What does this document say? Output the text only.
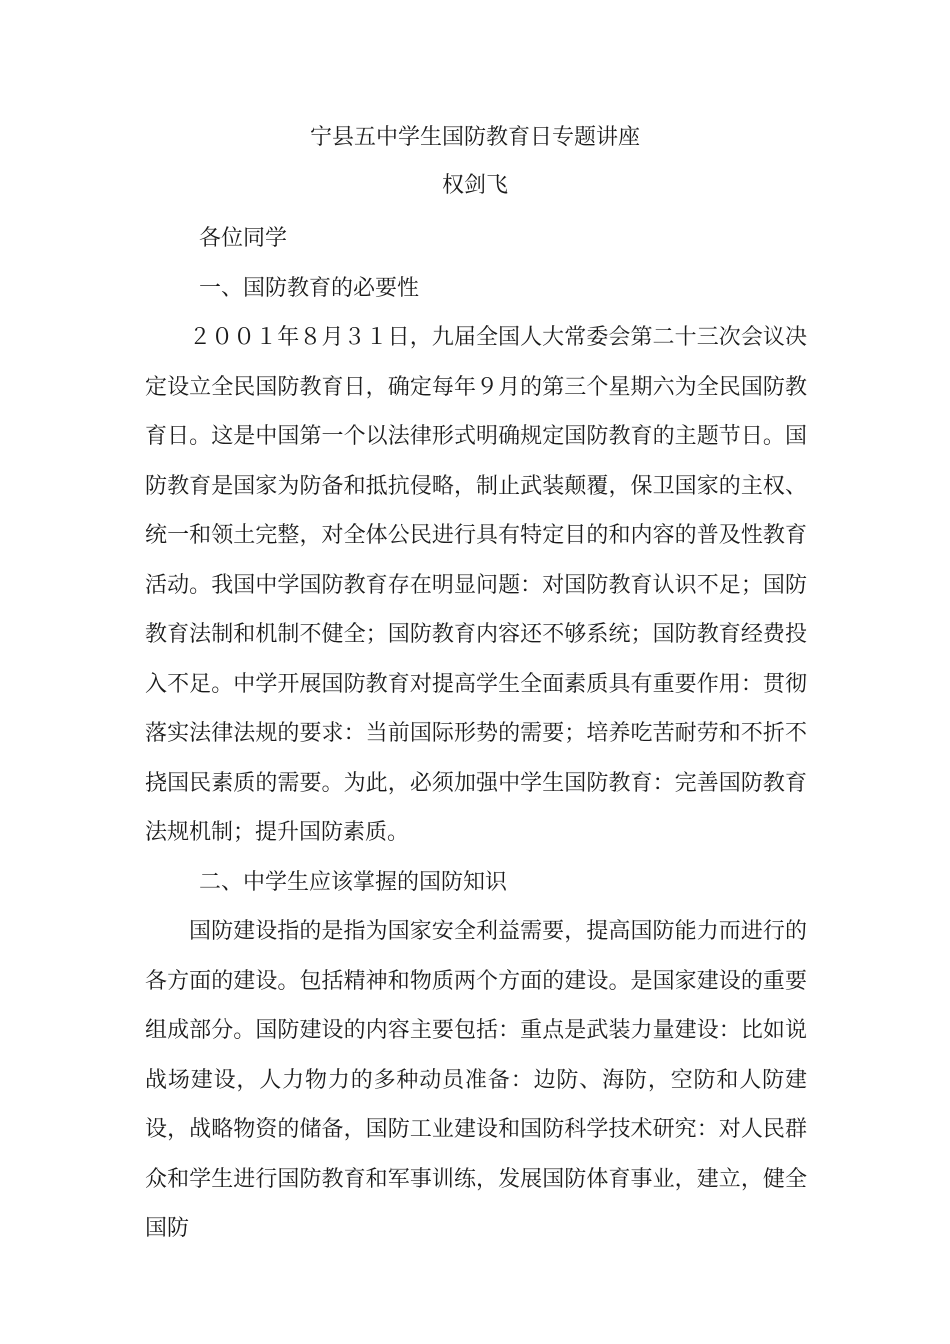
宁县五中学生国防教育日专题讲座
权剑飞

各位同学

一、国防教育的必要性

２００１年８月３１日，九届全国人大常委会第二十三次会议决定设立全民国防教育日，确定每年９月的第三个星期六为全民国防教育日。这是中国第一个以法律形式明确规定国防教育的主题节日。国防教育是国家为防备和抵抗侵略，制止武装颠覆，保卫国家的主权、统一和领土完整，对全体公民进行具有特定目的和内容的普及性教育活动。我国中学国防教育存在明显问题：对国防教育认识不足；国防教育法制和机制不健全；国防教育内容还不够系统；国防教育经费投入不足。中学开展国防教育对提高学生全面素质具有重要作用：贯彻落实法律法规的要求：当前国际形势的需要；培养吃苦耐劳和不折不挠国民素质的需要。为此，必须加强中学生国防教育：完善国防教育法规机制；提升国防素质。

二、中学生应该掌握的国防知识

国防建设指的是指为国家安全利益需要，提高国防能力而进行的各方面的建设。包括精神和物质两个方面的建设。是国家建设的重要组成部分。国防建设的内容主要包括：重点是武装力量建设：比如说战场建设，人力物力的多种动员准备：边防、海防，空防和人防建设，战略物资的储备，国防工业建设和国防科学技术研究：对人民群众和学生进行国防教育和军事训练，发展国防体育事业，建立，健全国防
